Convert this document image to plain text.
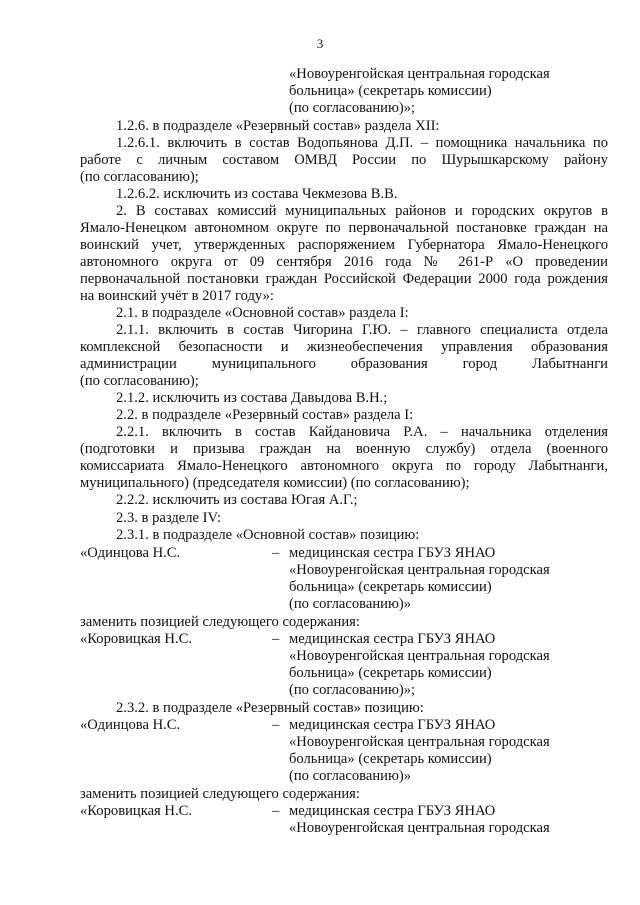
3
«Новоуренгойская центральная городская
больница» (секретарь комиссии)
(по согласованию)»;
1.2.6. в подразделе «Резервный состав» раздела XII:
1.2.6.1. включить в состав Водопьянова Д.П. – помощника начальника по
работе с личным составом ОМВД России по Шурышкарскому району
(по согласованию);
1.2.6.2. исключить из состава Чекмезова В.В.
2. В составах комиссий муниципальных районов и городских округов в
Ямало-Ненецком автономном округе по первоначальной постановке граждан на
воинский учет, утвержденных распоряжением Губернатора Ямало-Ненецкого
автономного округа от 09 сентября 2016 года № 261-Р «О проведении
первоначальной постановки граждан Российской Федерации 2000 года рождения
на воинский учёт в 2017 году»:
2.1. в подразделе «Основной состав» раздела I:
2.1.1. включить в состав Чигорина Г.Ю. – главного специалиста отдела
комплексной безопасности и жизнеобеспечения управления образования
администрации муниципального образования город Лабытнанги
(по согласованию);
2.1.2. исключить из состава Давыдова В.Н.;
2.2. в подразделе «Резервный состав» раздела I:
2.2.1. включить в состав Кайдановича Р.А. – начальника отделения
(подготовки и призыва граждан на военную службу) отдела (военного
комиссариата Ямало-Ненецкого автономного округа по городу Лабытнанги,
муниципального) (председателя комиссии) (по согласованию);
2.2.2. исключить из состава Югая А.Г.;
2.3. в разделе IV:
2.3.1. в подразделе «Основной состав» позицию:
«Одинцова Н.С.	– медицинская сестра ГБУЗ ЯНАО
«Новоуренгойская центральная городская
больница» (секретарь комиссии)
(по согласованию)»
заменить позицией следующего содержания:
«Коровицкая Н.С.	– медицинская сестра ГБУЗ ЯНАО
«Новоуренгойская центральная городская
больница» (секретарь комиссии)
(по согласованию)»;
2.3.2. в подразделе «Резервный состав» позицию:
«Одинцова Н.С.	– медицинская сестра ГБУЗ ЯНАО
«Новоуренгойская центральная городская
больница» (секретарь комиссии)
(по согласованию)»
заменить позицией следующего содержания:
«Коровицкая Н.С.	– медицинская сестра ГБУЗ ЯНАО
«Новоуренгойская центральная городская
